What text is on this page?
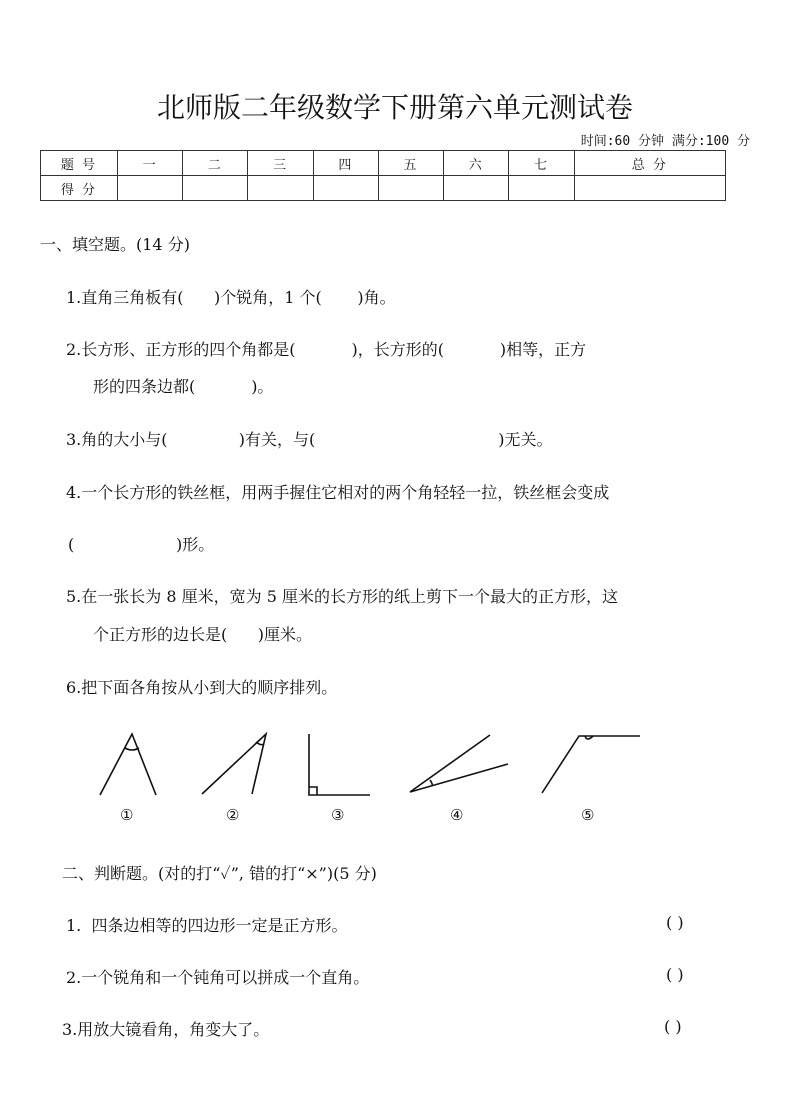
北师版二年级数学下册第六单元测试卷
时间:60 分钟 满分:100 分
题 号	一	二	三	四	五	六	七	总 分
得 分								
一、填空题。(14 分)
1.直角三角板有(      )个锐角，1 个(       )角。
2.长方形、正方形的四个角都是(           )，长方形的(           )相等，正方
形的四条边都(           )。
3.角的大小与(              )有关，与(                                    )无关。
4.一个长方形的铁丝框，用两手握住它相对的两个角轻轻一拉，铁丝框会变成
(                    )形。
5.在一张长为 8 厘米，宽为 5 厘米的长方形的纸上剪下一个最大的正方形，这
个正方形的边长是(      )厘米。
6.把下面各角按从小到大的顺序排列。
①	②	③	④	⑤
二、判断题。(对的打“✓”, 错的打“×”)(5 分)
1.  四条边相等的四边形一定是正方形。	( )
2.一个锐角和一个钝角可以拼成一个直角。	( )
3.用放大镜看角，角变大了。	( )
